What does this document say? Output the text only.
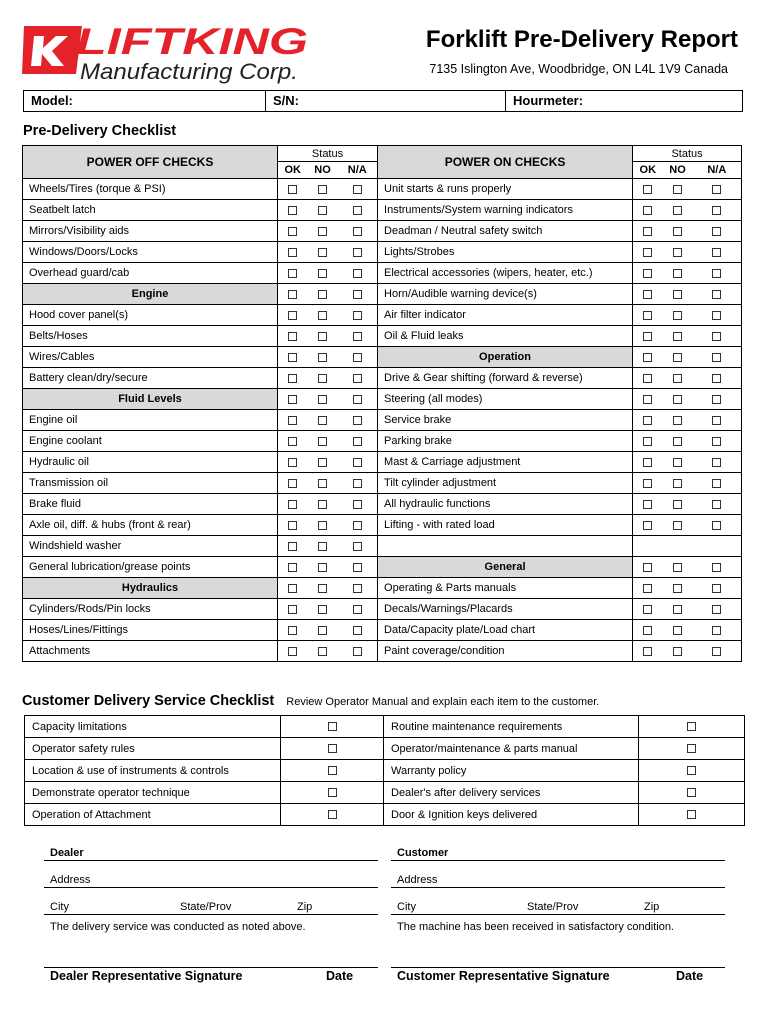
LIFTKING
Manufacturing Corp.
Forklift Pre-Delivery Report
7135 Islington Ave, Woodbridge, ON L4L 1V9 Canada
Model:	S/N:	Hourmeter:
Pre-Delivery Checklist
POWER OFF CHECKS	Status			POWER ON CHECKS	Status		
	OK	NO	N/A		OK	NO	N/A
Wheels/Tires (torque & PSI)				Unit starts & runs properly			
Seatbelt latch				Instruments/System warning indicators			
Mirrors/Visibility aids				Deadman / Neutral safety switch			
Windows/Doors/Locks				Lights/Strobes			
Overhead guard/cab				Electrical accessories (wipers, heater, etc.)			
Engine				Horn/Audible warning device(s)			
Hood cover panel(s)				Air filter indicator			
Belts/Hoses				Oil & Fluid leaks			
Wires/Cables				Operation			
Battery clean/dry/secure				Drive & Gear shifting (forward & reverse)			
Fluid Levels				Steering (all modes)			
Engine oil				Service brake			
Engine coolant				Parking brake			
Hydraulic oil				Mast & Carriage adjustment			
Transmission oil				Tilt cylinder adjustment			
Brake fluid				All hydraulic functions			
Axle oil, diff. & hubs (front & rear)				Lifting - with rated load			
Windshield washer							
General lubrication/grease points				General			
Hydraulics				Operating & Parts manuals			
Cylinders/Rods/Pin locks				Decals/Warnings/Placards			
Hoses/Lines/Fittings				Data/Capacity plate/Load chart			
Attachments				Paint coverage/condition			
Customer Delivery Service Checklist Review Operator Manual and explain each item to the customer.
Capacity limitations		Routine maintenance requirements	
Operator safety rules		Operator/maintenance & parts manual	
Location & use of instruments & controls		Warranty policy	
Demonstrate operator technique		Dealer's after delivery services	
Operation of Attachment		Door & Ignition keys delivered	
Dealer
Address
City	State/Prov	Zip
The delivery service was conducted as noted above.
Dealer Representative Signature	Date
Customer
Address
City	State/Prov	Zip
The machine has been received in satisfactory condition.
Customer Representative Signature	Date
